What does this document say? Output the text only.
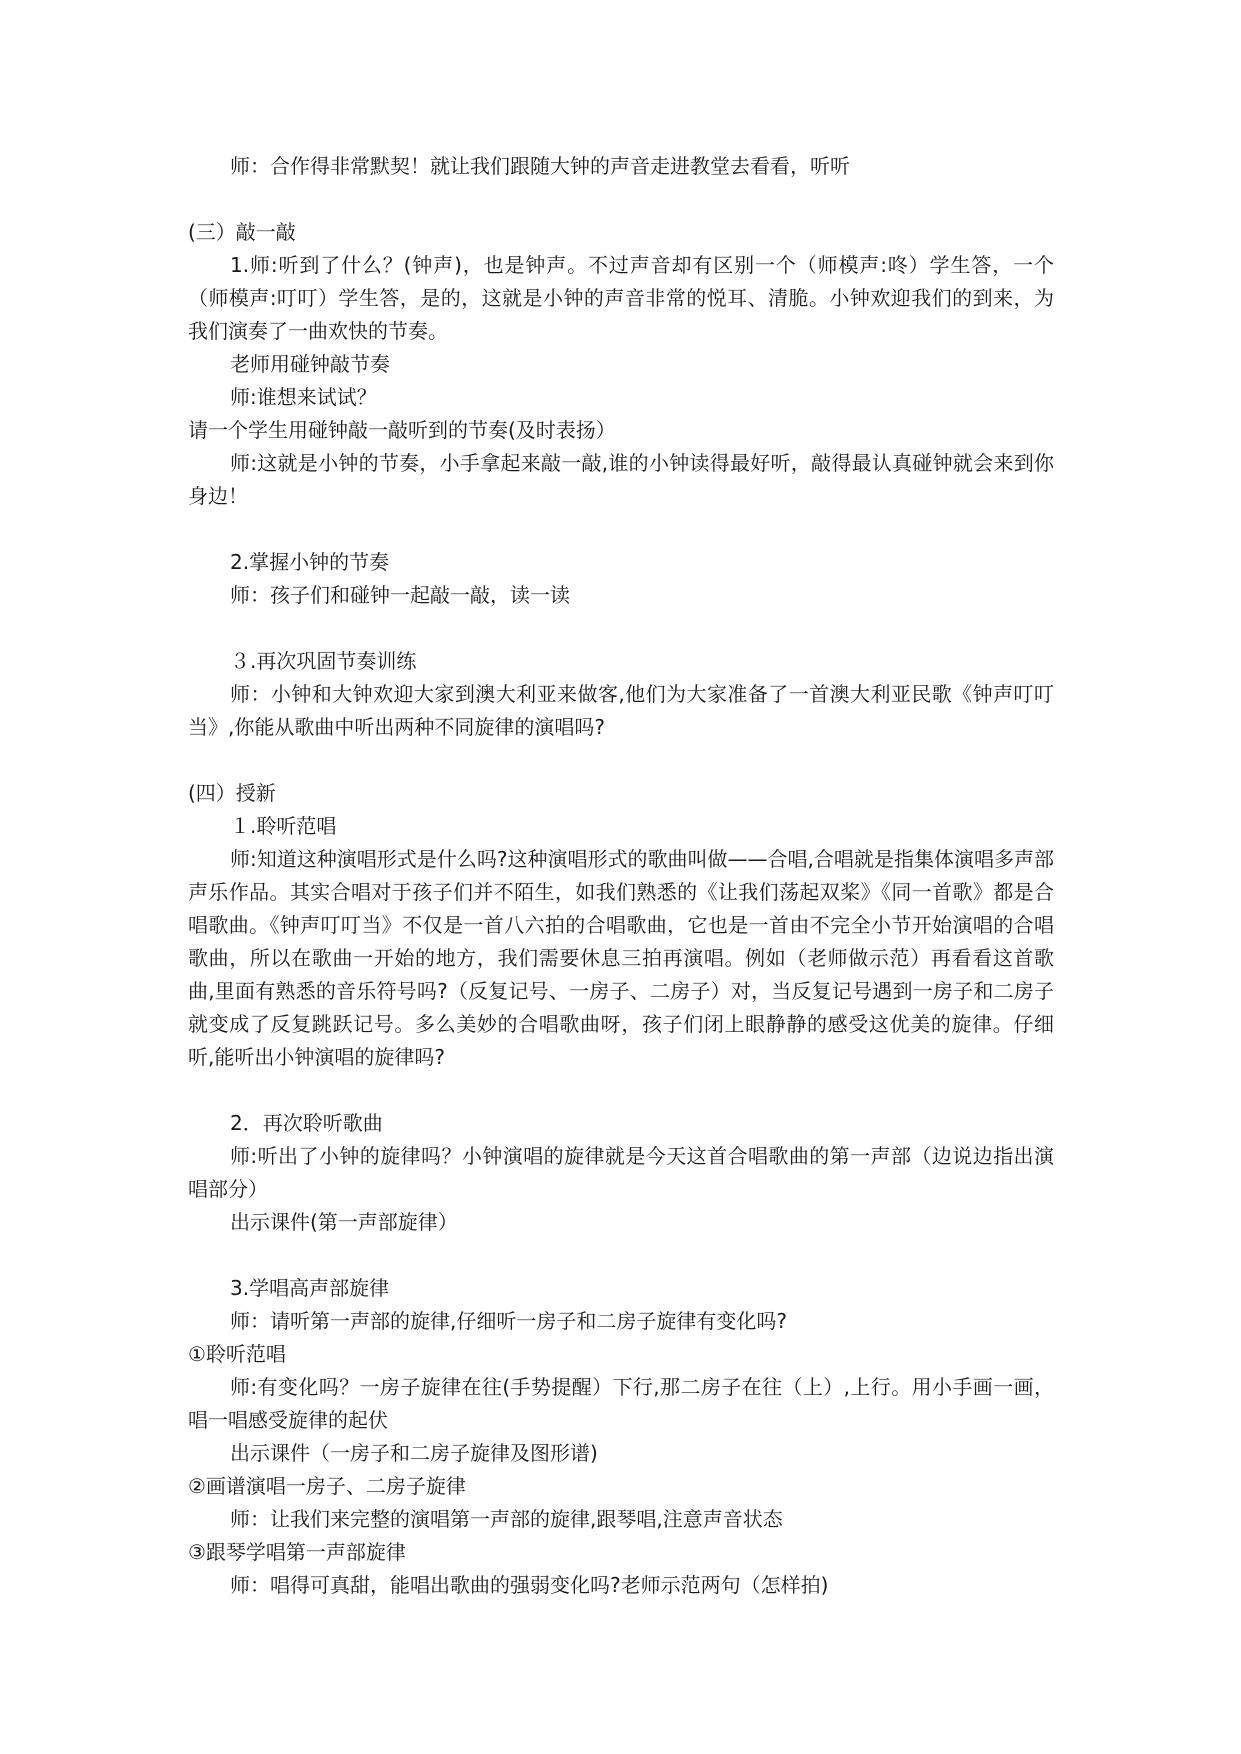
师：合作得非常默契！就让我们跟随大钟的声音走进教堂去看看，听听

(三）敲一敲

1.师:听到了什么？(钟声)，也是钟声。不过声音却有区别一个（师模声:咚）学生答，一个（师模声:叮叮）学生答，是的，这就是小钟的声音非常的悦耳、清脆。小钟欢迎我们的到来，为我们演奏了一曲欢快的节奏。

老师用碰钟敲节奏

师:谁想来试试？

请一个学生用碰钟敲一敲听到的节奏(及时表扬）

师:这就是小钟的节奏，小手拿起来敲一敲,谁的小钟读得最好听，敲得最认真碰钟就会来到你身边！

2.掌握小钟的节奏

师：孩子们和碰钟一起敲一敲，读一读

３.再次巩固节奏训练

师：小钟和大钟欢迎大家到澳大利亚来做客,他们为大家准备了一首澳大利亚民歌《钟声叮叮当》,你能从歌曲中听出两种不同旋律的演唱吗?

(四）授新

１.聆听范唱

师:知道这种演唱形式是什么吗?这种演唱形式的歌曲叫做——合唱,合唱就是指集体演唱多声部声乐作品。其实合唱对于孩子们并不陌生，如我们熟悉的《让我们荡起双桨》《同一首歌》都是合唱歌曲。《钟声叮叮当》不仅是一首八六拍的合唱歌曲，它也是一首由不完全小节开始演唱的合唱歌曲，所以在歌曲一开始的地方，我们需要休息三拍再演唱。例如（老师做示范）再看看这首歌曲,里面有熟悉的音乐符号吗?（反复记号、一房子、二房子）对，当反复记号遇到一房子和二房子就变成了反复跳跃记号。多么美妙的合唱歌曲呀，孩子们闭上眼静静的感受这优美的旋律。仔细听,能听出小钟演唱的旋律吗?

2．再次聆听歌曲

师:听出了小钟的旋律吗？小钟演唱的旋律就是今天这首合唱歌曲的第一声部（边说边指出演唱部分）

出示课件(第一声部旋律）

3.学唱高声部旋律

师：请听第一声部的旋律,仔细听一房子和二房子旋律有变化吗?

①聆听范唱

师:有变化吗？一房子旋律在往(手势提醒）下行,那二房子在往（上）,上行。用小手画一画，唱一唱感受旋律的起伏

出示课件（一房子和二房子旋律及图形谱)

②画谱演唱一房子、二房子旋律

师：让我们来完整的演唱第一声部的旋律,跟琴唱,注意声音状态

③跟琴学唱第一声部旋律

师：唱得可真甜，能唱出歌曲的强弱变化吗?老师示范两句（怎样拍)
